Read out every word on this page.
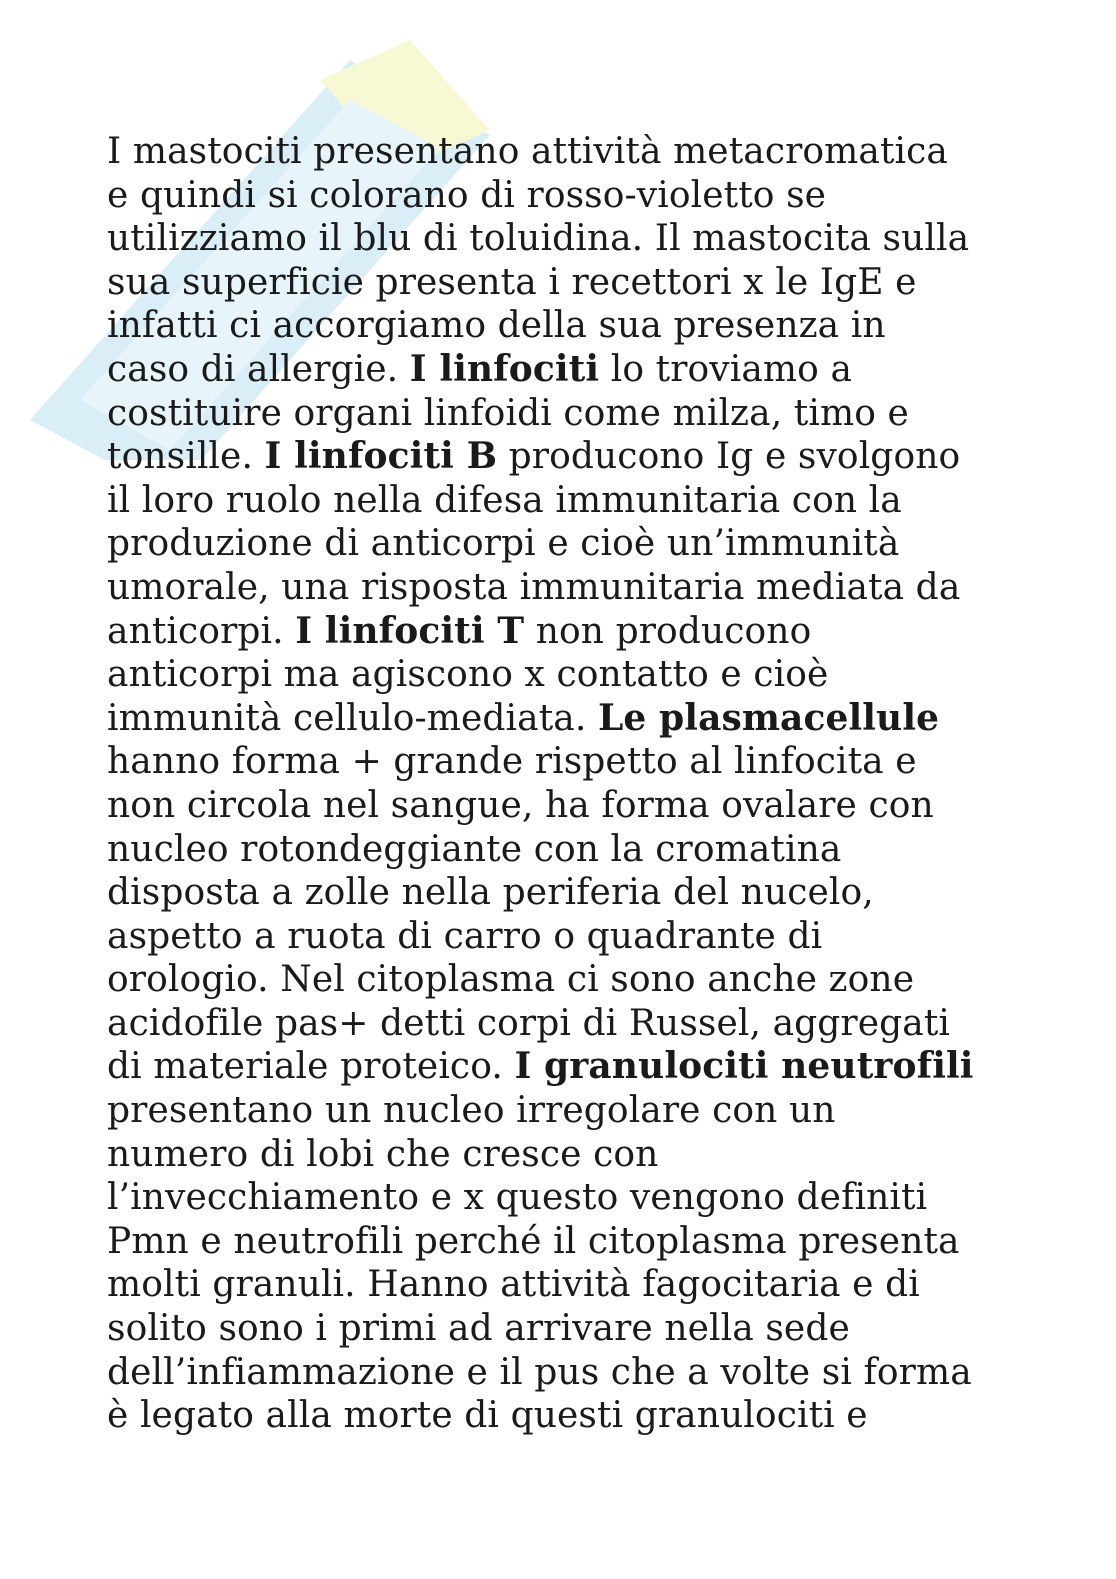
I mastociti presentano attività metacromatica
e quindi si colorano di rosso-violetto se
utilizziamo il blu di toluidina. Il mastocita sulla
sua superficie presenta i recettori x le IgE e
infatti ci accorgiamo della sua presenza in
caso di allergie. I linfociti lo troviamo a
costituire organi linfoidi come milza, timo e
tonsille. I linfociti B producono Ig e svolgono
il loro ruolo nella difesa immunitaria con la
produzione di anticorpi e cioè un’immunità
umorale, una risposta immunitaria mediata da
anticorpi. I linfociti T non producono
anticorpi ma agiscono x contatto e cioè
immunità cellulo-mediata. Le plasmacellule
hanno forma + grande rispetto al linfocita e
non circola nel sangue, ha forma ovalare con
nucleo rotondeggiante con la cromatina
disposta a zolle nella periferia del nucelo,
aspetto a ruota di carro o quadrante di
orologio. Nel citoplasma ci sono anche zone
acidofile pas+ detti corpi di Russel, aggregati
di materiale proteico. I granulociti neutrofili
presentano un nucleo irregolare con un
numero di lobi che cresce con
l’invecchiamento e x questo vengono definiti
Pmn e neutrofili perché il citoplasma presenta
molti granuli. Hanno attività fagocitaria e di
solito sono i primi ad arrivare nella sede
dell’infiammazione e il pus che a volte si forma
è legato alla morte di questi granulociti e
